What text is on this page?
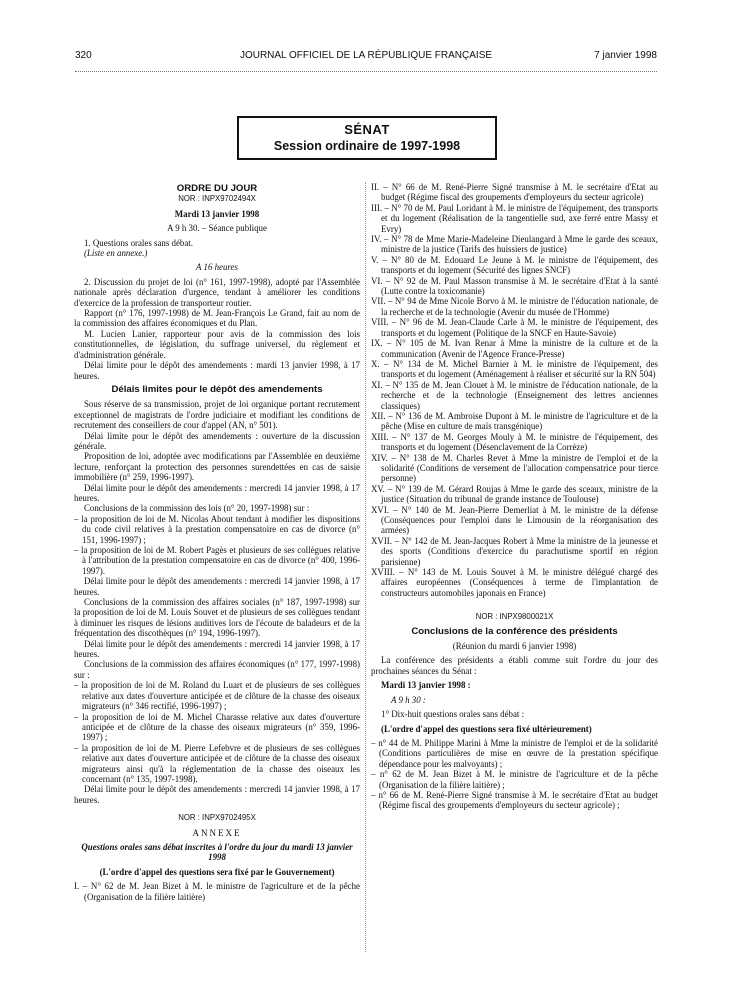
320	JOURNAL OFFICIEL DE LA RÉPUBLIQUE FRANÇAISE	7 janvier 1998
SÉNAT
Session ordinaire de 1997-1998

ORDRE DU JOUR

NOR : INPX9702494X

Mardi 13 janvier 1998

A 9 h 30. – Séance publique

1. Questions orales sans débat.

(Liste en annexe.)

A 16 heures

2. Discussion du projet de loi (n° 161, 1997-1998), adopté par l'Assemblée nationale après déclaration d'urgence, tendant à améliorer les conditions d'exercice de la profession de transporteur routier.

Rapport (n° 176, 1997-1998) de M. Jean-François Le Grand, fait au nom de la commission des affaires économiques et du Plan.

M. Lucien Lanier, rapporteur pour avis de la commission des lois constitutionnelles, de législation, du suffrage universel, du règlement et d'administration générale.

Délai limite pour le dépôt des amendements : mardi 13 janvier 1998, à 17 heures.

Délais limites pour le dépôt des amendements

Sous réserve de sa transmission, projet de loi organique portant recrutement exceptionnel de magistrats de l'ordre judiciaire et modifiant les conditions de recrutement des conseillers de cour d'appel (AN, n° 501).

Délai limite pour le dépôt des amendements : ouverture de la discussion générale.

Proposition de loi, adoptée avec modifications par l'Assemblée en deuxième lecture, renforçant la protection des personnes surendettées en cas de saisie immobilière (n° 259, 1996-1997).

Délai limite pour le dépôt des amendements : mercredi 14 janvier 1998, à 17 heures.

Conclusions de la commission des lois (n° 20, 1997-1998) sur :

– la proposition de loi de M. Nicolas About tendant à modifier les dispositions du code civil relatives à la prestation compensatoire en cas de divorce (n° 151, 1996-1997) ;

– la proposition de loi de M. Robert Pagès et plusieurs de ses collègues relative à l'attribution de la prestation compensatoire en cas de divorce (n° 400, 1996-1997).

Délai limite pour le dépôt des amendements : mercredi 14 janvier 1998, à 17 heures.

Conclusions de la commission des affaires sociales (n° 187, 1997-1998) sur la proposition de loi de M. Louis Souvet et de plusieurs de ses collègues tendant à diminuer les risques de lésions auditives lors de l'écoute de baladeurs et de la fréquentation des discothèques (n° 194, 1996-1997).

Délai limite pour le dépôt des amendements : mercredi 14 janvier 1998, à 17 heures.

Conclusions de la commission des affaires économiques (n° 177, 1997-1998) sur :

– la proposition de loi de M. Roland du Luart et de plusieurs de ses collègues relative aux dates d'ouverture anticipée et de clôture de la chasse des oiseaux migrateurs (n° 346 rectifié, 1996-1997) ;

– la proposition de loi de M. Michel Charasse relative aux dates d'ouverture anticipée et de clôture de la chasse des oiseaux migrateurs (n° 359, 1996-1997) ;

– la proposition de loi de M. Pierre Lefebvre et de plusieurs de ses collègues relative aux dates d'ouverture anticipée et de clôture de la chasse des oiseaux migrateurs ainsi qu'à la réglementation de la chasse des oiseaux les concernant (n° 135, 1997-1998).

Délai limite pour le dépôt des amendements : mercredi 14 janvier 1998, à 17 heures.

NOR : INPX9702495X

ANNEXE

Questions orales sans débat inscrites à l'ordre du jour du mardi 13 janvier 1998

(L'ordre d'appel des questions sera fixé par le Gouvernement)

I. – N° 62 de M. Jean Bizet à M. le ministre de l'agriculture et de la pêche (Organisation de la filière laitière)

II. – N° 66 de M. René-Pierre Signé transmise à M. le secrétaire d'Etat au budget (Régime fiscal des groupements d'employeurs du secteur agricole)

III. – N° 70 de M. Paul Loridant à M. le ministre de l'équipement, des transports et du logement (Réalisation de la tangentielle sud, axe ferré entre Massy et Evry)

IV. – N° 78 de Mme Marie-Madeleine Dieulangard à Mme le garde des sceaux, ministre de la justice (Tarifs des huissiers de justice)

V. – N° 80 de M. Edouard Le Jeune à M. le ministre de l'équipement, des transports et du logement (Sécurité des lignes SNCF)

VI. – N° 92 de M. Paul Masson transmise à M. le secrétaire d'Etat à la santé (Lutte contre la toxicomanie)

VII. – N° 94 de Mme Nicole Borvo à M. le ministre de l'éducation nationale, de la recherche et de la technologie (Avenir du musée de l'Homme)

VIII. – N° 96 de M. Jean-Claude Carle à M. le ministre de l'équipement, des transports et du logement (Politique de la SNCF en Haute-Savoie)

IX. – N° 105 de M. Ivan Renar à Mme la ministre de la culture et de la communication (Avenir de l'Agence France-Presse)

X. – N° 134 de M. Michel Barnier à M. le ministre de l'équipement, des transports et du logement (Aménagement à réaliser et sécurité sur la RN 504)

XI. – N° 135 de M. Jean Clouet à M. le ministre de l'éducation nationale, de la recherche et de la technologie (Enseignement des lettres anciennes classiques)

XII. – N° 136 de M. Ambroise Dupont à M. le ministre de l'agriculture et de la pêche (Mise en culture de maïs transgénique)

XIII. – N° 137 de M. Georges Mouly à M. le ministre de l'équipement, des transports et du logement (Désenclavement de la Corrèze)

XIV. – N° 138 de M. Charles Revet à Mme la ministre de l'emploi et de la solidarité (Conditions de versement de l'allocation compensatrice pour tierce personne)

XV. – N° 139 de M. Gérard Roujas à Mme le garde des sceaux, ministre de la justice (Situation du tribunal de grande instance de Toulouse)

XVI. – N° 140 de M. Jean-Pierre Demerliat à M. le ministre de la défense (Conséquences pour l'emploi dans le Limousin de la réorganisation des armées)

XVII. – N° 142 de M. Jean-Jacques Robert à Mme la ministre de la jeunesse et des sports (Conditions d'exercice du parachutisme sportif en région parisienne)

XVIII. – N° 143 de M. Louis Souvet à M. le ministre délégué chargé des affaires européennes (Conséquences à terme de l'implantation de constructeurs automobiles japonais en France)

NOR : INPX9800021X

Conclusions de la conférence des présidents

(Réunion du mardi 6 janvier 1998)

La conférence des présidents a établi comme suit l'ordre du jour des prochaines séances du Sénat :

Mardi 13 janvier 1998 :

A 9 h 30 :

1° Dix-huit questions orales sans débat :

(L'ordre d'appel des questions sera fixé ultérieurement)

– n° 44 de M. Philippe Marini à Mme la ministre de l'emploi et de la solidarité (Conditions particulières de mise en œuvre de la prestation spécifique dépendance pour les malvoyants) ;

– n° 62 de M. Jean Bizet à M. le ministre de l'agriculture et de la pêche (Organisation de la filière laitière) ;

– n° 66 de M. René-Pierre Signé transmise à M. le secrétaire d'Etat au budget (Régime fiscal des groupements d'employeurs du secteur agricole) ;
